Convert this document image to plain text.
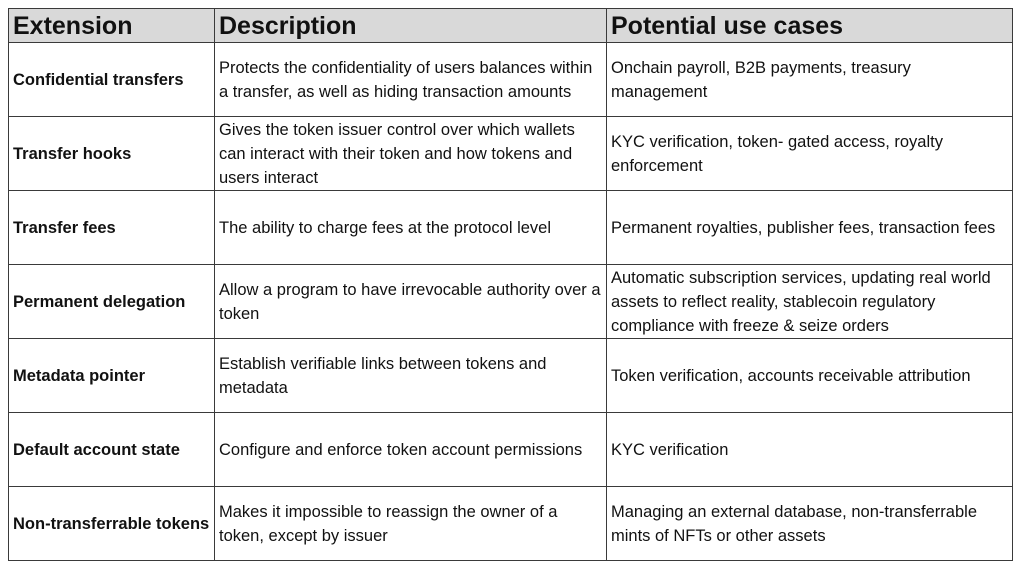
Extension	Description	Potential use cases
Confidential transfers	Protects the confidentiality of users balances within a transfer, as well as hiding transaction amounts	Onchain payroll, B2B payments, treasury management
Transfer hooks	Gives the token issuer control over which wallets can interact with their token and how tokens and users interact	KYC verification, token- gated access, royalty enforcement
Transfer fees	The ability to charge fees at the protocol level	Permanent royalties, publisher fees, transaction fees
Permanent delegation	Allow a program to have irrevocable authority over a token	Automatic subscription services, updating real world assets to reflect reality, stablecoin regulatory compliance with freeze & seize orders
Metadata pointer	Establish verifiable links between tokens and metadata	Token verification, accounts receivable attribution
Default account state	Configure and enforce token account permissions	KYC verification
Non-transferrable tokens	Makes it impossible to reassign the owner of a token, except by issuer	Managing an external database, non-transferrable mints of NFTs or other assets
